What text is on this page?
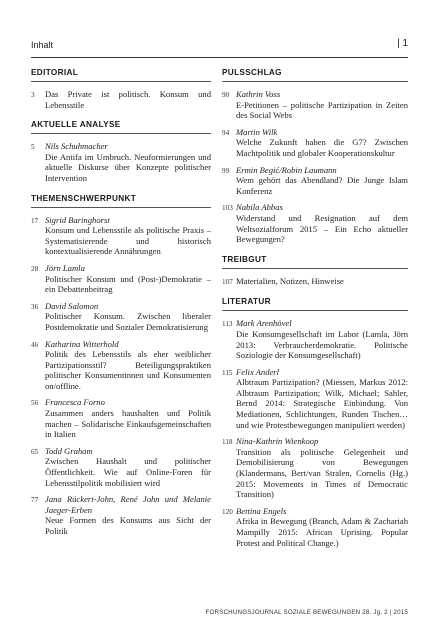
Inhalt	| 1
EDITORIAL
3	Das Private ist politisch. Konsum und Lebensstile
AKTUELLE ANALYSE
5	Nils Schuhmacher
Die Antifa im Umbruch. Neuformierungen und aktuelle Diskurse über Konzepte politischer Intervention
THEMENSCHWERPUNKT
17 Sigrid Baringhorst
Konsum und Lebensstile als politische Praxis – Systematisierende und historisch kontextualisierende Annährungen
28 Jörn Lamla
Politischer Konsum und (Post-)Demokratie – ein Debattenbeitrag
36 David Salomon
Politischer Konsum. Zwischen liberaler Postdemokratie und Sozialer Demokratisierung
46 Katharina Witterhold
Politik des Lebensstils als eher weiblicher Partizipationsstil? Beteiligungspraktiken politischer Konsumentinnen und Konsumenten on/offline.
56 Francesca Forno
Zusammen anders haushalten und Politik machen – Solidarische Einkaufsgemeinschaften in Italien
65 Todd Graham
Zwischen Haushalt und politischer Öffentlichkeit. Wie auf Online-Foren für Lebensstilpolitik mobilisiert wird
77 Jana Rückert-John, René John und Melanie Jaeger-Erben
Neue Formen des Konsums aus Sicht der Politik
PULSSCHLAG
90 Kathrin Voss
E-Petitionen – politische Partizipation in Zeiten des Social Webs
94 Martin Wilk
Welche Zukunft haben die G7? Zwischen Machtpolitik und globaler Kooperationskultur
99 Ermin Begić/Robin Laumann
Wem gehört das Abendland? Die Junge Islam Konferenz
103 Nabila Abbas
Widerstand und Resignation auf dem Weltsozialforum 2015 – Ein Echo aktueller Bewegungen?
TREIBGUT
107 Materialien, Notizen, Hinweise
LITERATUR
113 Mark Arenhövel
Die Konsumgesellschaft im Labor (Lamla, Jörn 2013: Verbraucherdemokratie. Politische Soziologie der Konsumgesellschaft)
115 Felix Anderl
Albtraum Partizipation? (Miessen, Markus 2012: Albtraum Partizipation; Wilk, Michael; Sahler, Bernd 2014: Strategische Einbindung. Von Mediationen, Schlichtungen, Runden Tischen… und wie Protestbewegungen manipuliert werden)
118 Nina-Kathrin Wienkoop
Transition als politische Gelegenheit und Demobilisierung von Bewegungen (Klandermans, Bert/van Stralen, Cornelis (Hg.) 2015: Movements in Times of Democratic Transition)
120 Bettina Engels
Afrika in Bewegung (Branch, Adam & Zachariah Mampilly 2015: African Uprising. Popular Protest and Political Change.)
FORSCHUNGSJOURNAL SOZIALE BEWEGUNGEN 28. Jg. 2 | 2015
